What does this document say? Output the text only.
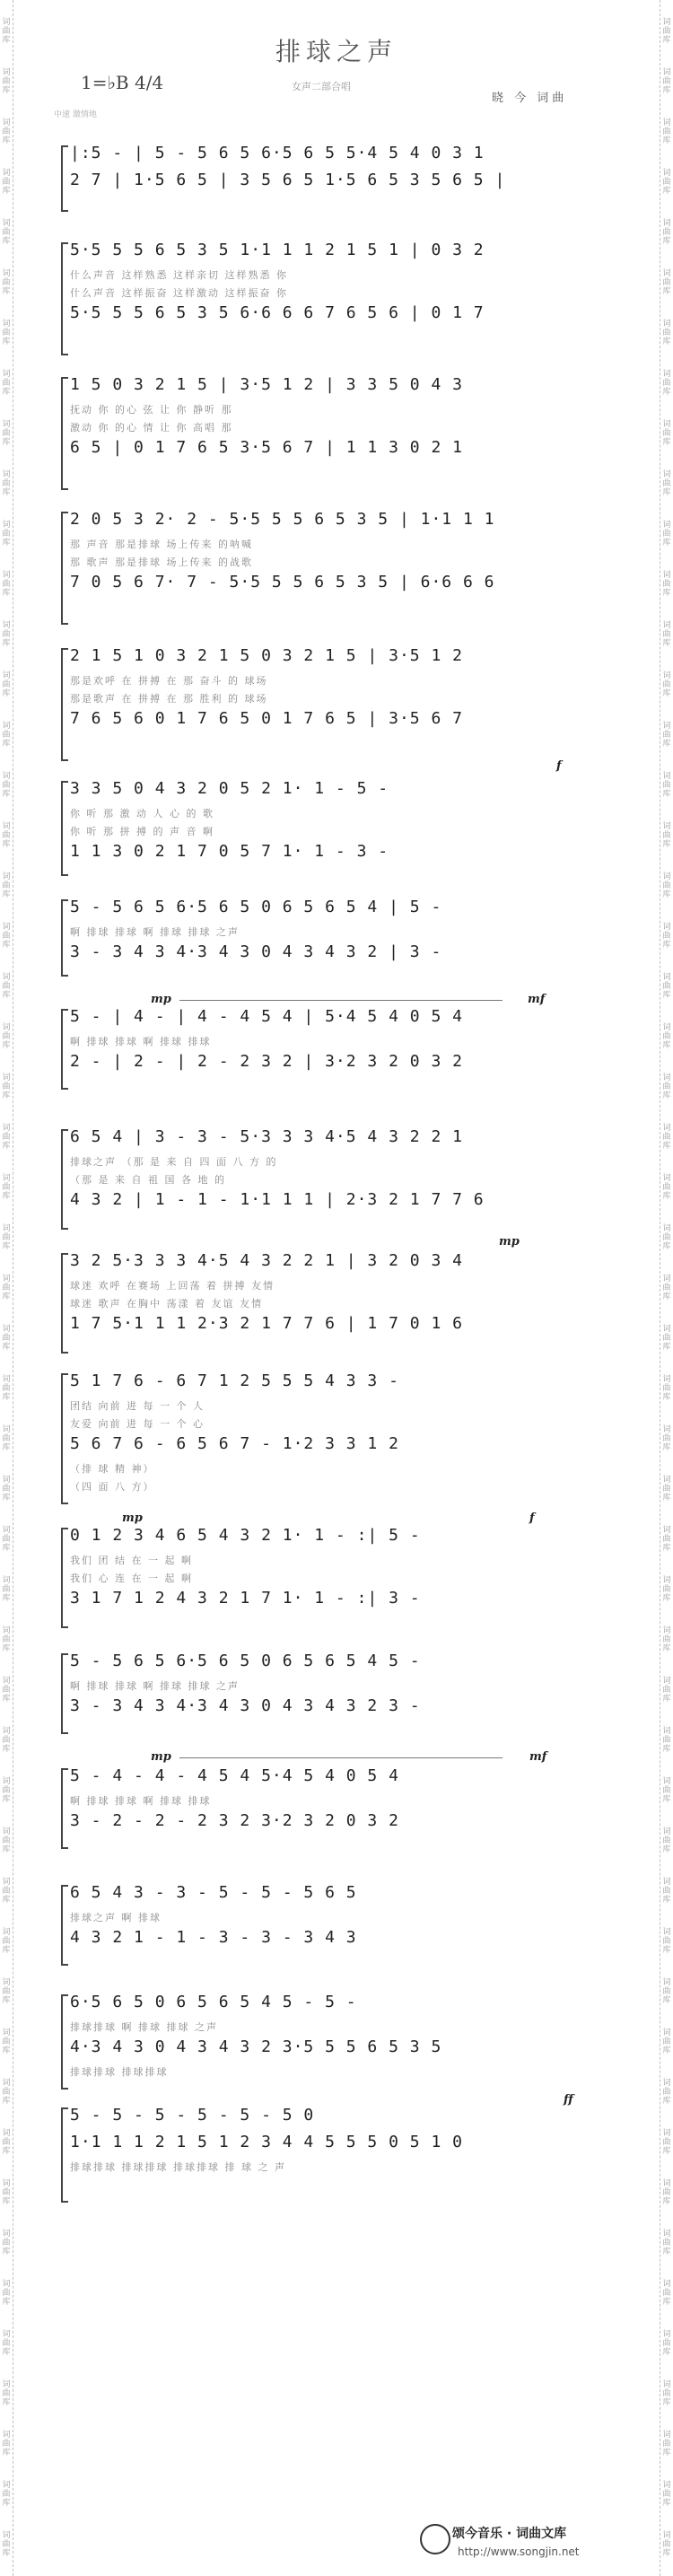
词曲库
词曲库
词曲库
词曲库
词曲库
词曲库
词曲库
词曲库
词曲库
词曲库
词曲库
词曲库
词曲库
词曲库
词曲库
词曲库
词曲库
词曲库
词曲库
词曲库
词曲库
词曲库
词曲库
词曲库
词曲库
词曲库
词曲库
词曲库
词曲库
词曲库
词曲库
词曲库
词曲库
词曲库
词曲库
词曲库
词曲库
词曲库
词曲库
词曲库
词曲库
词曲库
词曲库
词曲库
词曲库
词曲库
词曲库
词曲库
词曲库
词曲库
词曲库
词曲库
词曲库
词曲库
词曲库
词曲库
词曲库
词曲库
词曲库
词曲库
词曲库
词曲库
词曲库
词曲库
词曲库
词曲库
词曲库
词曲库
词曲库
词曲库
词曲库
词曲库
词曲库
词曲库
词曲库
词曲库
词曲库
词曲库
词曲库
词曲库
词曲库
词曲库
词曲库
词曲库
词曲库
词曲库
词曲库
词曲库
词曲库
词曲库
词曲库
词曲库
词曲库
词曲库
词曲库
词曲库
词曲库
词曲库
词曲库
词曲库
词曲库
词曲库
排球之声
女声二部合唱
晓 今 词曲
1=♭B 4/4
中速 激情地
|:5 - | 5 - 5 6 5 6·5 6 5 5·4 5 4 0 3 1
2 7 | 1·5 6 5 | 3 5 6 5 1·5 6 5 3 5 6 5 |
5·5 5 5 6 5 3 5 1·1 1 1 2 1 5 1 | 0 3 2
什么声音 这样熟悉 这样亲切 这样熟悉 你
什么声音 这样振奋 这样激动 这样振奋 你
5·5 5 5 6 5 3 5 6·6 6 6 7 6 5 6 | 0 1 7
1 5 0 3 2 1 5 | 3·5 1 2 | 3 3 5 0 4 3
抚动 你 的心 弦 让 你 静听 那
激动 你 的心 情 让 你 高唱 那
6 5 | 0 1 7 6 5 3·5 6 7 | 1 1 3 0 2 1
2 0 5 3 2· 2 - 5·5 5 5 6 5 3 5 | 1·1 1 1
那 声音 那是排球 场上传来 的呐喊
那 歌声 那是排球 场上传来 的战歌
7 0 5 6 7· 7 - 5·5 5 5 6 5 3 5 | 6·6 6 6
2 1 5 1 0 3 2 1 5 0 3 2 1 5 | 3·5 1 2
那是欢呼 在 拼搏 在 那 奋斗 的 球场
那是歌声 在 拼搏 在 那 胜利 的 球场
7 6 5 6 0 1 7 6 5 0 1 7 6 5 | 3·5 6 7
3 3 5 0 4 3 2 0 5 2 1· 1 - 5 -
你 听 那 激 动 人 心 的 歌
你 听 那 拼 搏 的 声 音 啊
1 1 3 0 2 1 7 0 5 7 1· 1 - 3 -
5 - 5 6 5 6·5 6 5 0 6 5 6 5 4 | 5 -
啊 排球 排球 啊 排球 排球 之声
3 - 3 4 3 4·3 4 3 0 4 3 4 3 2 | 3 -
5 - | 4 - | 4 - 4 5 4 | 5·4 5 4 0 5 4
啊 排球 排球 啊 排球 排球
2 - | 2 - | 2 - 2 3 2 | 3·2 3 2 0 3 2
6 5 4 | 3 - 3 - 5·3 3 3 4·5 4 3 2 2 1
排球之声 （那 是 来 自 四 面 八 方 的
（那 是 来 自 祖 国 各 地 的
4 3 2 | 1 - 1 - 1·1 1 1 | 2·3 2 1 7 7 6
3 2 5·3 3 3 4·5 4 3 2 2 1 | 3 2 0 3 4
球迷 欢呼 在赛场 上回荡 着 拼搏 友情
球迷 歌声 在胸中 荡漾 着 友谊 友情
1 7 5·1 1 1 2·3 2 1 7 7 6 | 1 7 0 1 6
5 1 7 6 - 6 7 1 2 5 5 5 4 3 3 -
团结 向前 进 每 一 个 人
友爱 向前 进 每 一 个 心
5 6 7 6 - 6 5 6 7 - 1·2 3 3 1 2
（排 球 精 神）
（四 面 八 方）
0 1 2 3 4 6 5 4 3 2 1· 1 - :| 5 -
我们 团 结 在 一 起 啊
我们 心 连 在 一 起 啊
3 1 7 1 2 4 3 2 1 7 1· 1 - :| 3 -
5 - 5 6 5 6·5 6 5 0 6 5 6 5 4 5 -
啊 排球 排球 啊 排球 排球 之声
3 - 3 4 3 4·3 4 3 0 4 3 4 3 2 3 -
5 - 4 - 4 - 4 5 4 5·4 5 4 0 5 4
啊 排球 排球 啊 排球 排球
3 - 2 - 2 - 2 3 2 3·2 3 2 0 3 2
6 5 4 3 - 3 - 5 - 5 - 5 6 5
排球之声 啊 排球
4 3 2 1 - 1 - 3 - 3 - 3 4 3
6·5 6 5 0 6 5 6 5 4 5 - 5 -
排球排球 啊 排球 排球 之声
4·3 4 3 0 4 3 4 3 2 3·5 5 5 6 5 3 5
排球排球 排球排球
5 - 5 - 5 - 5 - 5 - 5 0
1·1 1 1 2 1 5 1 2 3 4 4 5 5 5 0 5 1 0
排球排球 排球排球 排球排球 排 球 之 声
颂今音乐 · 词曲文库
http://www.songjin.net
f
mp	mf
mp
mp	f
mp	mf
ff
